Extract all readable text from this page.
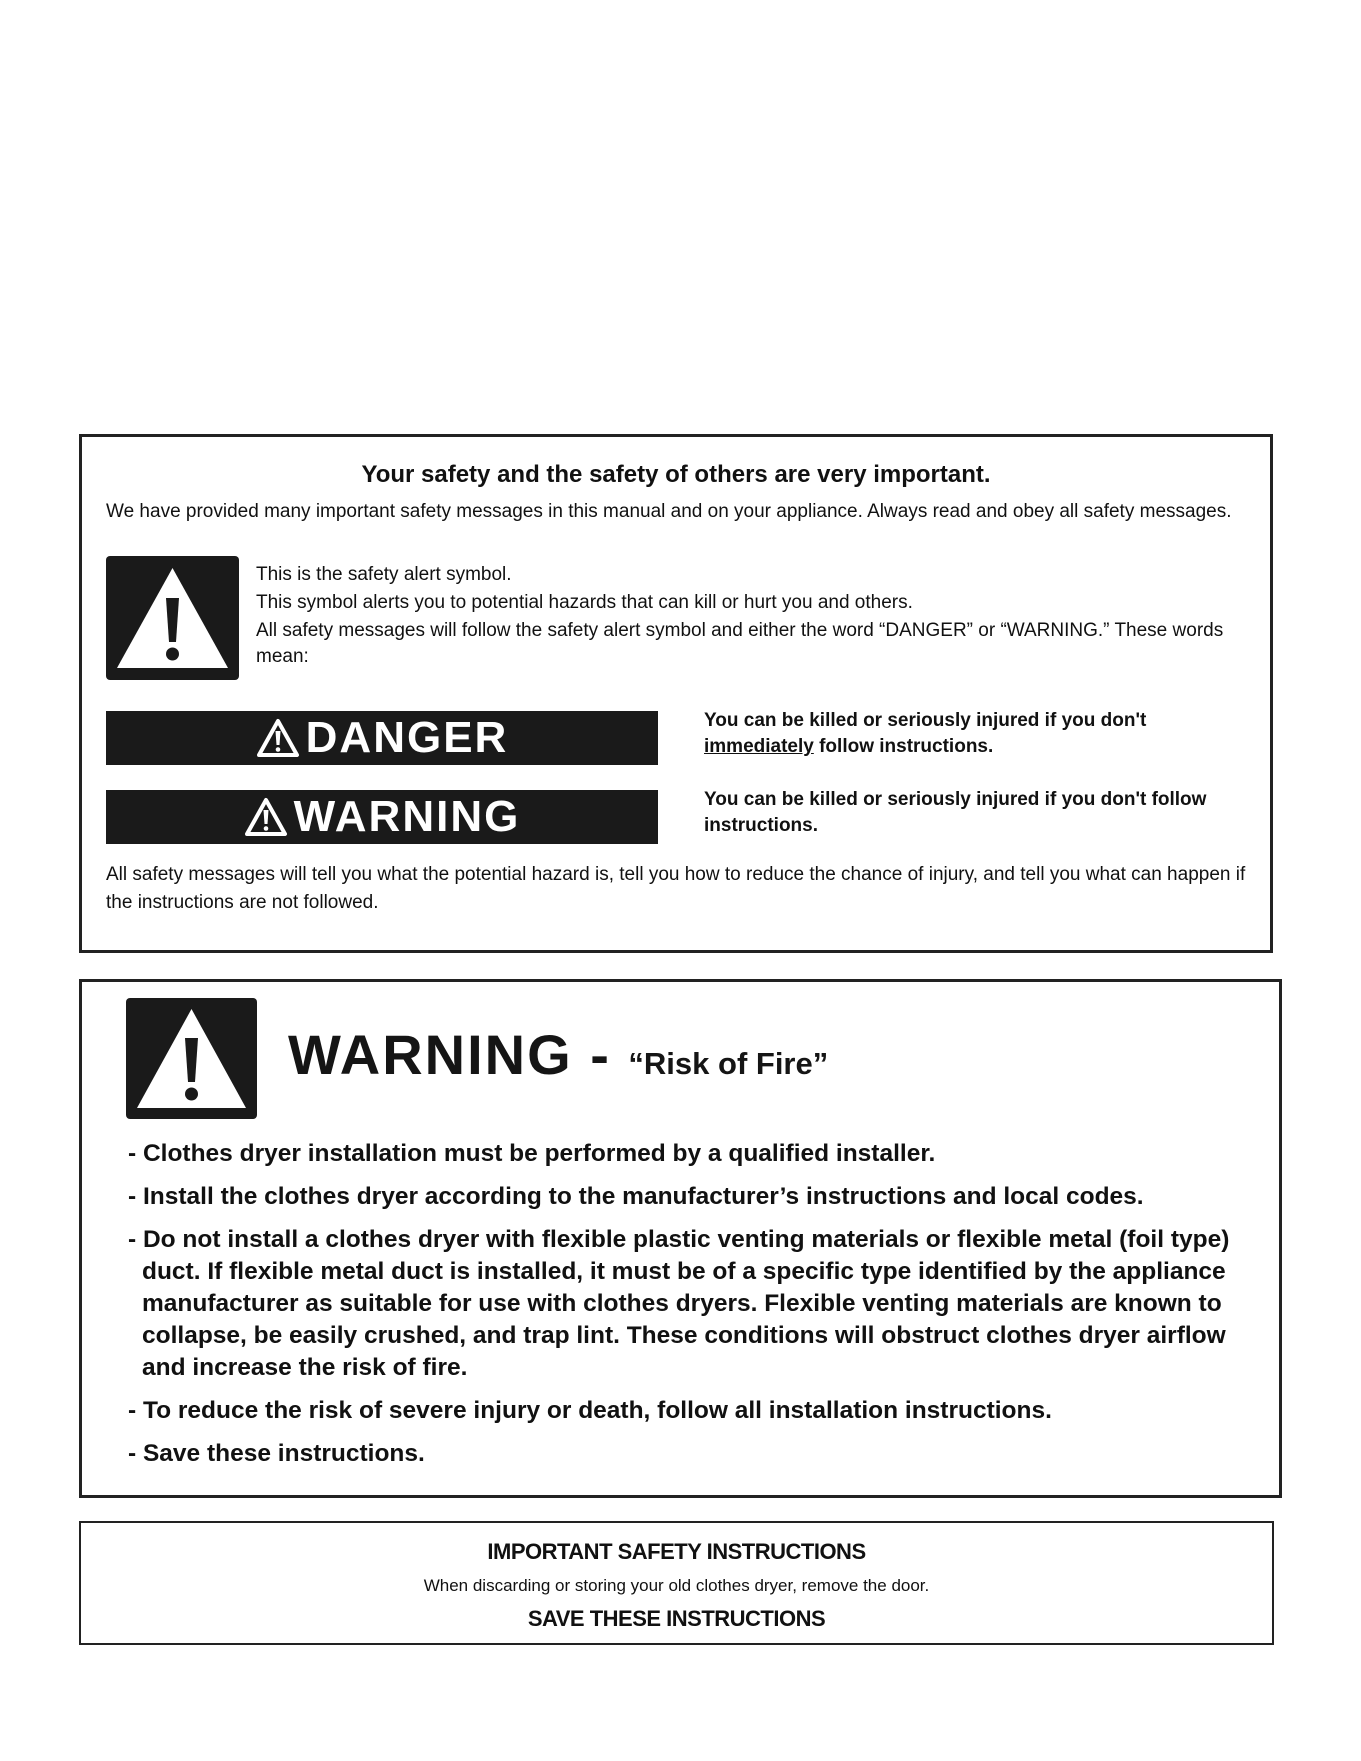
Your safety and the safety of others are very important.
We have provided many important safety messages in this manual and on your appliance. Always read and obey all safety messages.
This is the safety alert symbol.
This symbol alerts you to potential hazards that can kill or hurt you and others.
All safety messages will follow the safety alert symbol and either the word “DANGER” or “WARNING.” These words mean:
DANGER	You can be killed or seriously injured if you don't
immediately follow instructions.
WARNING	You can be killed or seriously injured if you don't follow instructions.
All safety messages will tell you what the potential hazard is, tell you how to reduce the chance of injury, and tell you what can happen if the instructions are not followed.
WARNING - “Risk of Fire”
- Clothes dryer installation must be performed by a qualified installer.
- Install the clothes dryer according to the manufacturer’s instructions and local codes.
- Do not install a clothes dryer with flexible plastic venting materials or flexible metal (foil type) duct. If flexible metal duct is installed, it must be of a specific type identified by the appliance manufacturer as suitable for use with clothes dryers. Flexible venting materials are known to collapse, be easily crushed, and trap lint. These conditions will obstruct clothes dryer airflow and increase the risk of fire.
- To reduce the risk of severe injury or death, follow all installation instructions.
- Save these instructions.
IMPORTANT SAFETY INSTRUCTIONS
When discarding or storing your old clothes dryer, remove the door.
SAVE THESE INSTRUCTIONS
